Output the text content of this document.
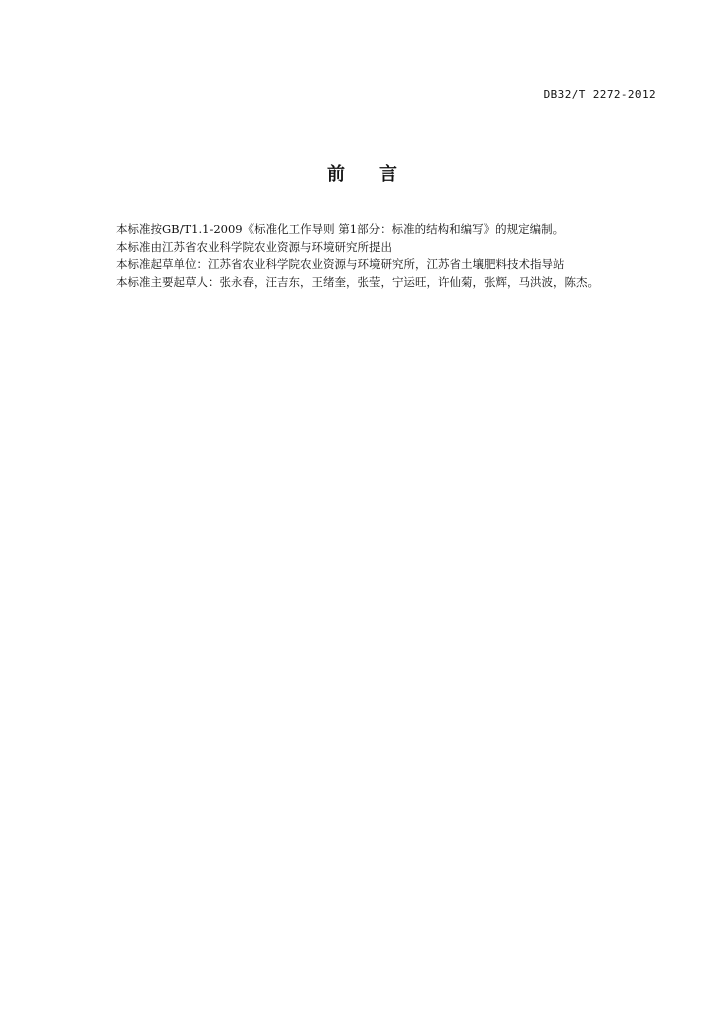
DB32/T 2272-2012
前言

本标准按GB/T1.1-2009《标准化工作导则 第1部分：标准的结构和编写》的规定编制。

本标准由江苏省农业科学院农业资源与环境研究所提出

本标准起草单位：江苏省农业科学院农业资源与环境研究所，江苏省土壤肥料技术指导站

本标准主要起草人：张永春，汪吉东，王绪奎，张莹，宁运旺，许仙菊，张辉，马洪波，陈杰。
